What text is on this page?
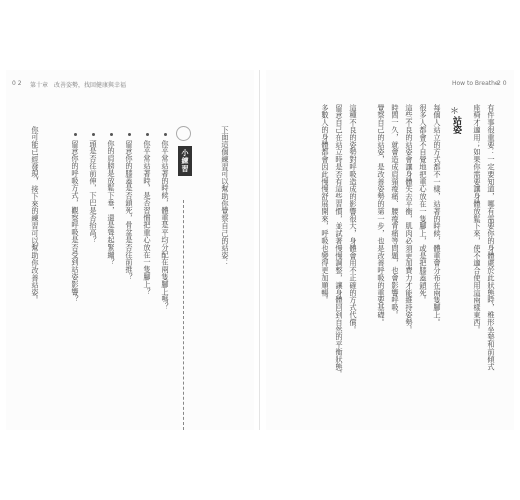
0 2 第十章　改善姿勢，找回健康與幸福	How to Breathe
2 0
下面這個練習可以幫助你覺察自己的站姿：
小練習
你平常站著的時候，體重是平均分配在兩隻腳上嗎？
你平常站著時，是否習慣把重心放在一隻腳上？
留意你的膝蓋是否鎖死，骨盆是否往前推？
你的肩膀是放鬆下垂，還是聳起緊繃？
頭是否往前伸，下巴是否抬高？
留意你的呼吸方式，觀察呼吸是否受到站姿影響？
你可能已經發現，接下來的練習可以幫助你改善站姿。	有件事很重要：一定要知道，哪有需要你的身體處於此狀態時，椎形坐墊和前傾式
座椅才適用；如果你需要讓身體放鬆下來，使不適合使用這兩樣東西。
＊
站姿
每個人站立的方式都不一樣，站著的時候，體重會分布在兩隻腳上。
很多人都會不自覺地把重心放在一隻腳上，或是把膝蓋鎖死。
這些不良的站姿會讓身體失去平衡，肌肉必須更加費力才能維持姿勢。
時間一久，就會造成肩頸痠痛、腰痠背痛等問題，也會影響呼吸。
覺察自己的站姿，是改善姿勢的第一步，也是改善呼吸的重要基礎。
這種不良的姿勢對呼吸造成的影響很大，身體會用不正確的方式代償。
留意自己在站立時是否有這些習慣，並試著慢慢調整，讓身體回到自然的平衡狀態。
多數人的身體都會因此慢慢舒展開來，呼吸也變得更加順暢。
